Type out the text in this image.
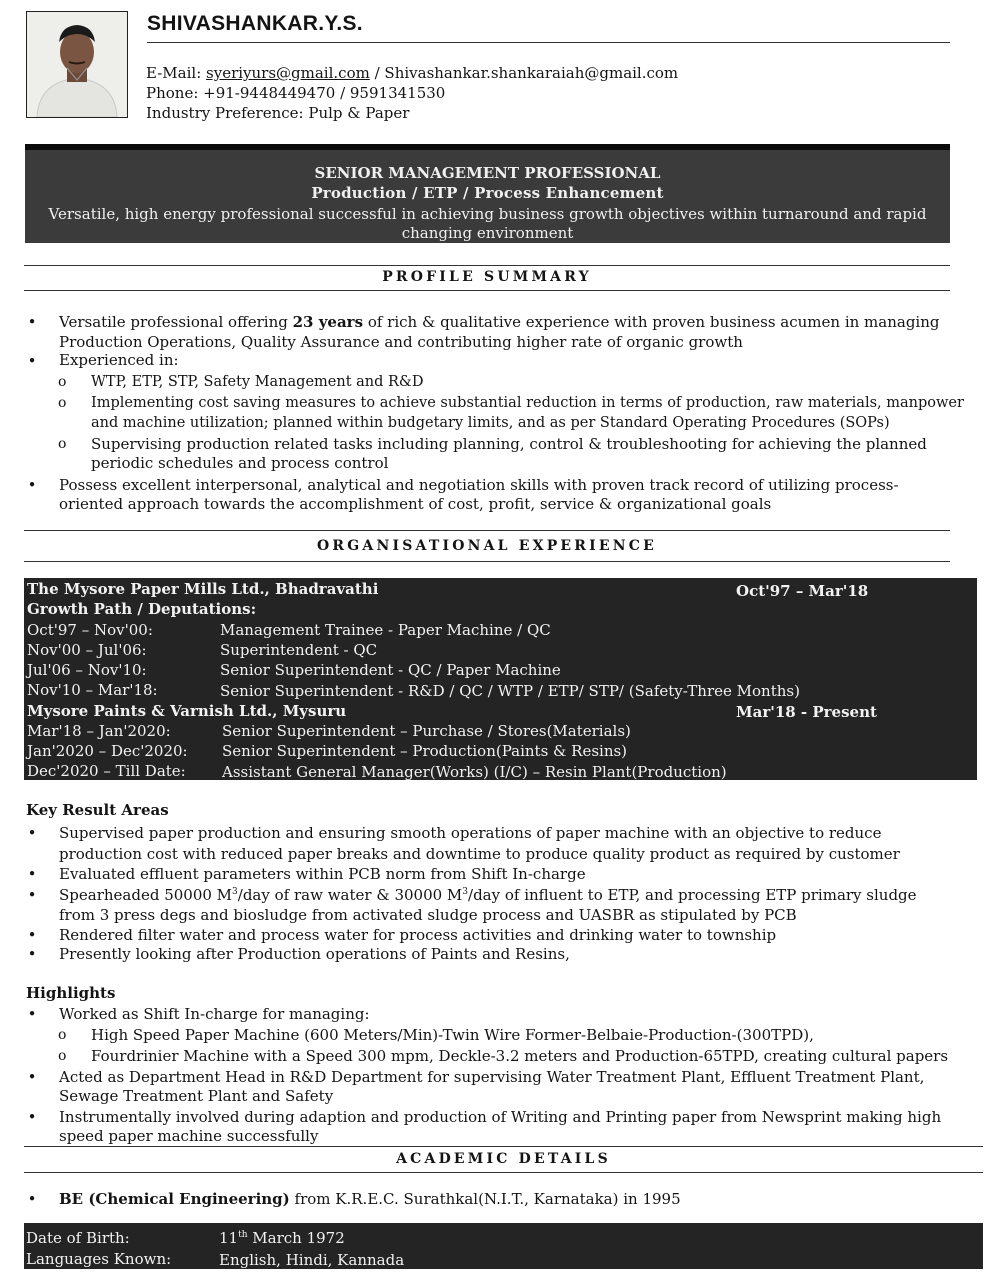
SHIVASHANKAR.Y.S.
E-Mail: syeriyurs@gmail.com / Shivashankar.shankaraiah@gmail.com
Phone: +91-9448449470 / 9591341530
Industry Preference: Pulp & Paper
SENIOR MANAGEMENT PROFESSIONAL
Production / ETP / Process Enhancement
Versatile, high energy professional successful in achieving business growth objectives within turnaround and rapid
changing environment
PROFILE SUMMARY
• Versatile professional offering 23 years of rich & qualitative experience with proven business acumen in managing
Production Operations, Quality Assurance and contributing higher rate of organic growth
• Experienced in:
o WTP, ETP, STP, Safety Management and R&D
o Implementing cost saving measures to achieve substantial reduction in terms of production, raw materials, manpower
and machine utilization; planned within budgetary limits, and as per Standard Operating Procedures (SOPs)
o Supervising production related tasks including planning, control & troubleshooting for achieving the planned
periodic schedules and process control
• Possess excellent interpersonal, analytical and negotiation skills with proven track record of utilizing process-
oriented approach towards the accomplishment of cost, profit, service & organizational goals
ORGANISATIONAL EXPERIENCE
The Mysore Paper Mills Ltd., Bhadravathi	Oct'97 – Mar'18
Growth Path / Deputations:
Oct'97 – Nov'00:	Management Trainee - Paper Machine / QC
Nov'00 – Jul'06:	Superintendent - QC
Jul'06 – Nov'10:	Senior Superintendent - QC / Paper Machine
Nov'10 – Mar'18:	Senior Superintendent - R&D / QC / WTP / ETP/ STP/ (Safety-Three Months)
Mysore Paints & Varnish Ltd., Mysuru	Mar'18 - Present
Mar'18 – Jan'2020:	Senior Superintendent – Purchase / Stores(Materials)
Jan'2020 – Dec'2020: Senior Superintendent – Production(Paints & Resins)
Dec'2020 – Till Date: Assistant General Manager(Works) (I/C) – Resin Plant(Production)
Key Result Areas
• Supervised paper production and ensuring smooth operations of paper machine with an objective to reduce
production cost with reduced paper breaks and downtime to produce quality product as required by customer
• Evaluated effluent parameters within PCB norm from Shift In-charge
• Spearheaded 50000 $M^3$/day of raw water & 30000 $M^3$/day of influent to ETP, and processing ETP primary sludge
from 3 press degs and biosludge from activated sludge process and UASBR as stipulated by PCB
• Rendered filter water and process water for process activities and drinking water to township
• Presently looking after Production operations of Paints and Resins,
Highlights
• Worked as Shift In-charge for managing:
o High Speed Paper Machine (600 Meters/Min)-Twin Wire Former-Belbaie-Production-(300TPD),
o Fourdrinier Machine with a Speed 300 mpm, Deckle-3.2 meters and Production-65TPD, creating cultural papers
• Acted as Department Head in R&D Department for supervising Water Treatment Plant, Effluent Treatment Plant,
Sewage Treatment Plant and Safety
• Instrumentally involved during adaption and production of Writing and Printing paper from Newsprint making high
speed paper machine successfully
ACADEMIC DETAILS
• BE (Chemical Engineering) from K.R.E.C. Surathkal(N.I.T., Karnataka) in 1995
Date of Birth:	11th March 1972
Languages Known:	English, Hindi, Kannada
